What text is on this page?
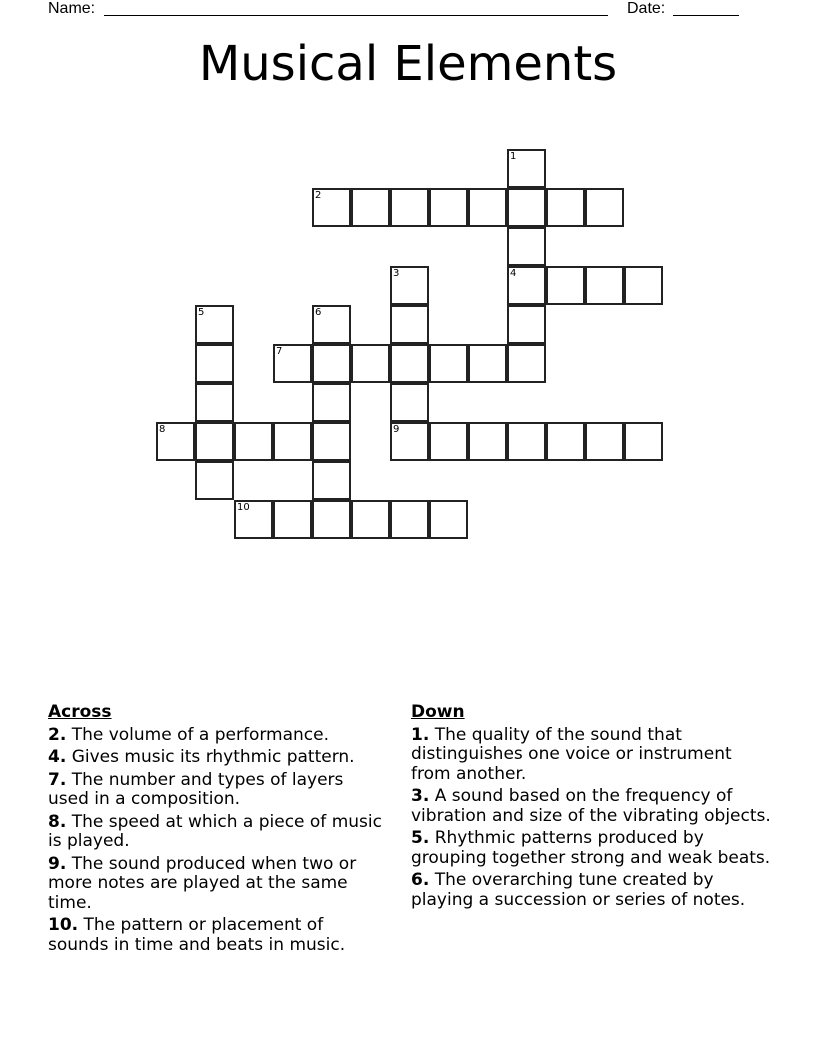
Name:	Date:
Musical Elements
1
4
2
3
9
5	6
7
8
10
Across
2. The volume of a performance.
4. Gives music its rhythmic pattern.
7. The number and types of layers used in a composition.
8. The speed at which a piece of music is played.
9. The sound produced when two or more notes are played at the same time.
10. The pattern or placement of sounds in time and beats in music.
Down
1. The quality of the sound that distinguishes one voice or instrument from another.
3. A sound based on the frequency of vibration and size of the vibrating objects.
5. Rhythmic patterns produced by grouping together strong and weak beats.
6. The overarching tune created by playing a succession or series of notes.
